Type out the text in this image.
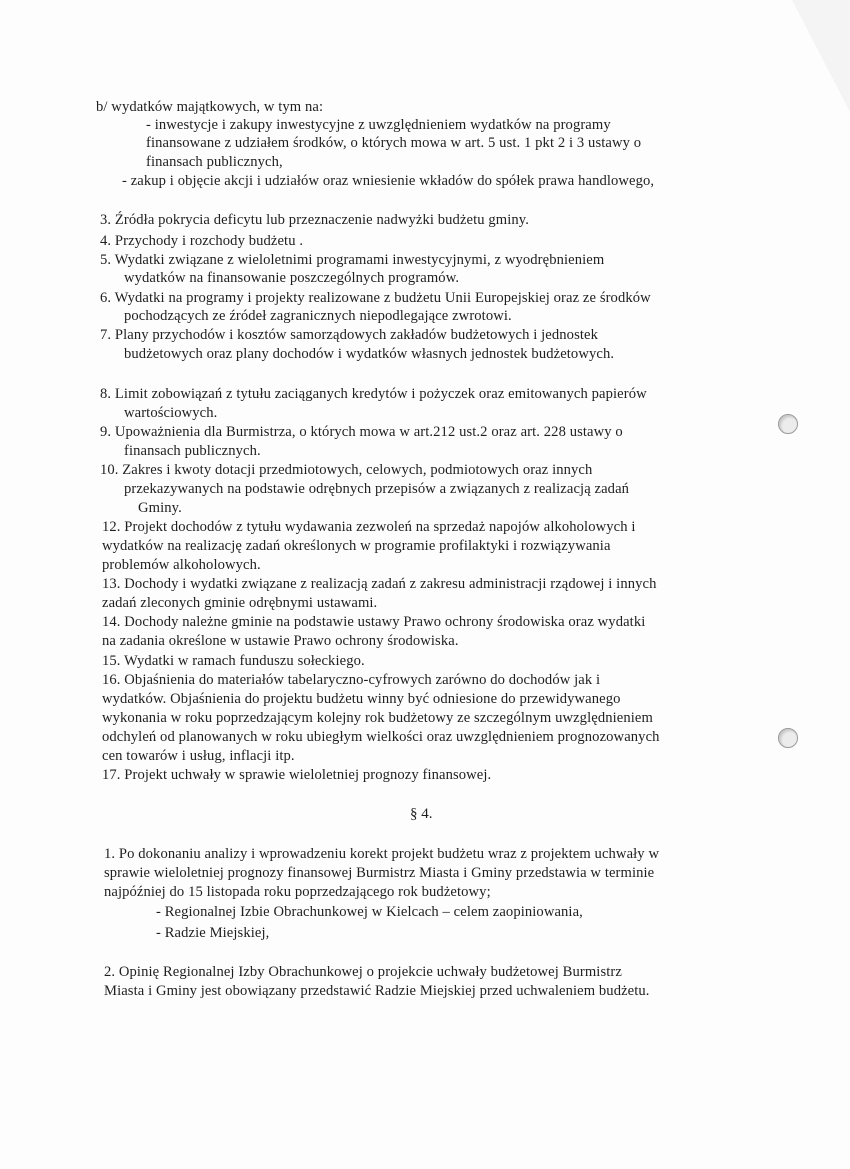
b/ wydatków majątkowych, w tym na:
- inwestycje i zakupy inwestycyjne z uwzględnieniem wydatków na programy
finansowane z udziałem środków, o których mowa w art. 5 ust. 1 pkt 2 i 3 ustawy o
finansach publicznych,
- zakup i objęcie akcji i udziałów oraz wniesienie wkładów do spółek prawa handlowego,
3. Źródła pokrycia deficytu lub przeznaczenie nadwyżki budżetu gminy.
4. Przychody i rozchody budżetu .
5. Wydatki związane z wieloletnimi programami inwestycyjnymi, z wyodrębnieniem
wydatków na finansowanie poszczególnych programów.
6. Wydatki na programy i projekty realizowane z budżetu Unii Europejskiej oraz ze środków
pochodzących ze źródeł zagranicznych niepodlegające zwrotowi.
7. Plany przychodów i kosztów samorządowych zakładów budżetowych i jednostek
budżetowych oraz plany dochodów i wydatków własnych jednostek budżetowych.
8. Limit zobowiązań z tytułu zaciąganych kredytów i pożyczek oraz emitowanych papierów
wartościowych.
9. Upoważnienia dla Burmistrza, o których mowa w art.212 ust.2 oraz art. 228 ustawy o
finansach publicznych.
10. Zakres i kwoty dotacji przedmiotowych, celowych, podmiotowych oraz innych
przekazywanych na podstawie odrębnych przepisów a związanych z realizacją zadań
Gminy.
12. Projekt dochodów z tytułu wydawania zezwoleń na sprzedaż napojów alkoholowych i
wydatków na realizację zadań określonych w programie profilaktyki i rozwiązywania
problemów alkoholowych.
13. Dochody i wydatki związane z realizacją zadań z zakresu administracji rządowej i innych
zadań zleconych gminie odrębnymi ustawami.
14. Dochody należne gminie na podstawie ustawy Prawo ochrony środowiska oraz wydatki
na zadania określone w ustawie Prawo ochrony środowiska.
15. Wydatki w ramach funduszu sołeckiego.
16. Objaśnienia do materiałów tabelaryczno-cyfrowych zarówno do dochodów jak i
wydatków. Objaśnienia do projektu budżetu winny być odniesione do przewidywanego
wykonania w roku poprzedzającym kolejny rok budżetowy ze szczególnym uwzględnieniem
odchyleń od planowanych w roku ubiegłym wielkości oraz uwzględnieniem prognozowanych
cen towarów i usług, inflacji itp.
17. Projekt uchwały w sprawie wieloletniej prognozy finansowej.
§ 4.
1. Po dokonaniu analizy i wprowadzeniu korekt projekt budżetu wraz z projektem uchwały w
sprawie wieloletniej prognozy finansowej Burmistrz Miasta i Gminy przedstawia w terminie
najpóźniej do 15 listopada roku poprzedzającego rok budżetowy;
- Regionalnej Izbie Obrachunkowej w Kielcach – celem zaopiniowania,
- Radzie Miejskiej,
2. Opinię Regionalnej Izby Obrachunkowej o projekcie uchwały budżetowej Burmistrz
Miasta i Gminy jest obowiązany przedstawić Radzie Miejskiej przed uchwaleniem budżetu.
